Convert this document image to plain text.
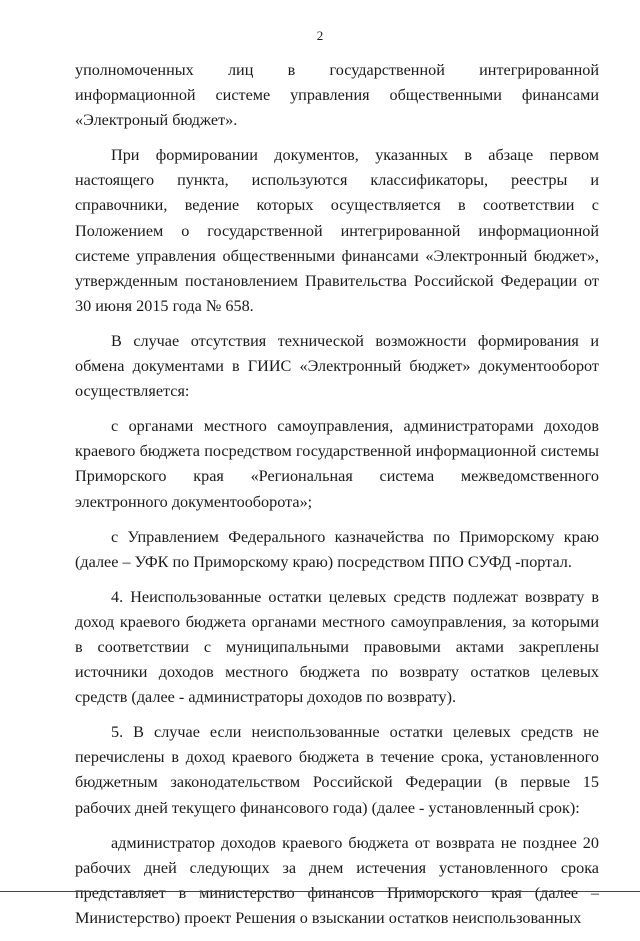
2

уполномоченных лиц в государственной интегрированной информационной системе управления общественными финансами «Электроный бюджет».

При формировании документов, указанных в абзаце первом настоящего пункта, используются классификаторы, реестры и справочники, ведение которых осуществляется в соответствии с Положением о государственной интегрированной информационной системе управления общественными финансами «Электронный бюджет», утвержденным постановлением Правительства Российской Федерации от 30 июня 2015 года № 658.

В случае отсутствия технической возможности формирования и обмена документами в ГИИС «Электронный бюджет» документооборот осуществляется:

с органами местного самоуправления, администраторами доходов краевого бюджета посредством государственной информационной системы Приморского края «Региональная система межведомственного электронного документооборота»;

с Управлением Федерального казначейства по Приморскому краю (далее – УФК по Приморскому краю) посредством ППО СУФД -портал.

4. Неиспользованные остатки целевых средств подлежат возврату в доход краевого бюджета органами местного самоуправления, за которыми в соответствии с муниципальными правовыми актами закреплены источники доходов местного бюджета по возврату остатков целевых средств (далее - администраторы доходов по возврату).

5. В случае если неиспользованные остатки целевых средств не перечислены в доход краевого бюджета в течение срока, установленного бюджетным законодательством Российской Федерации (в первые 15 рабочих дней текущего финансового года) (далее - установленный срок):

администратор доходов краевого бюджета от возврата не позднее 20 рабочих дней следующих за днем истечения установленного срока представляет в министерство финансов Приморского края (далее – Министерство) проект Решения о взыскании остатков неиспользованных
